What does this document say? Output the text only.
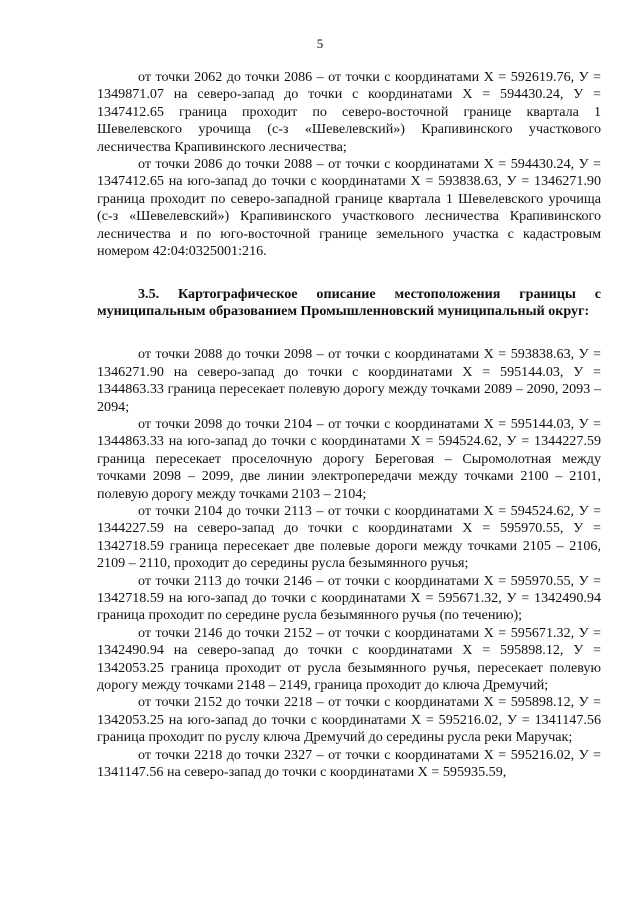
5

от точки 2062 до точки 2086 – от точки с координатами Х = 592619.76, У = 1349871.07 на северо-запад до точки с координатами Х = 594430.24, У = 1347412.65 граница проходит по северо-восточной границе квартала 1 Шевелевского урочища (с-з «Шевелевский») Крапивинского участкового лесничества Крапивинского лесничества;

от точки 2086 до точки 2088 – от точки с координатами Х = 594430.24, У = 1347412.65 на юго-запад до точки с координатами Х = 593838.63, У = 1346271.90 граница проходит по северо-западной границе квартала 1 Шевелевского урочища (с-з «Шевелевский») Крапивинского участкового лесничества Крапивинского лесничества и по юго-восточной границе земельного участка с кадастровым номером 42:04:0325001:216.

3.5. Картографическое описание местоположения границы с муниципальным образованием Промышленновский муниципальный округ:

от точки 2088 до точки 2098 – от точки с координатами Х = 593838.63, У = 1346271.90 на северо-запад до точки с координатами Х = 595144.03, У = 1344863.33 граница пересекает полевую дорогу между точками 2089 – 2090, 2093 – 2094;

от точки 2098 до точки 2104 – от точки с координатами Х = 595144.03, У = 1344863.33 на юго-запад до точки с координатами Х = 594524.62, У = 1344227.59 граница пересекает проселочную дорогу Береговая – Сыромолотная между точками 2098 – 2099, две линии электропередачи между точками 2100 – 2101, полевую дорогу между точками 2103 – 2104;

от точки 2104 до точки 2113 – от точки с координатами Х = 594524.62, У = 1344227.59 на северо-запад до точки с координатами Х = 595970.55, У = 1342718.59 граница пересекает две полевые дороги между точками 2105 – 2106, 2109 – 2110, проходит до середины русла безымянного ручья;

от точки 2113 до точки 2146 – от точки с координатами Х = 595970.55, У = 1342718.59 на юго-запад до точки с координатами Х = 595671.32, У = 1342490.94 граница проходит по середине русла безымянного ручья (по течению);

от точки 2146 до точки 2152 – от точки с координатами Х = 595671.32, У = 1342490.94 на северо-запад до точки с координатами Х = 595898.12, У = 1342053.25 граница проходит от русла безымянного ручья, пересекает полевую дорогу между точками 2148 – 2149, граница проходит до ключа Дремучий;

от точки 2152 до точки 2218 – от точки с координатами Х = 595898.12, У = 1342053.25 на юго-запад до точки с координатами Х = 595216.02, У = 1341147.56 граница проходит по руслу ключа Дремучий до середины русла реки Маручак;

от точки 2218 до точки 2327 – от точки с координатами Х = 595216.02, У = 1341147.56 на северо-запад до точки с координатами Х = 595935.59,
